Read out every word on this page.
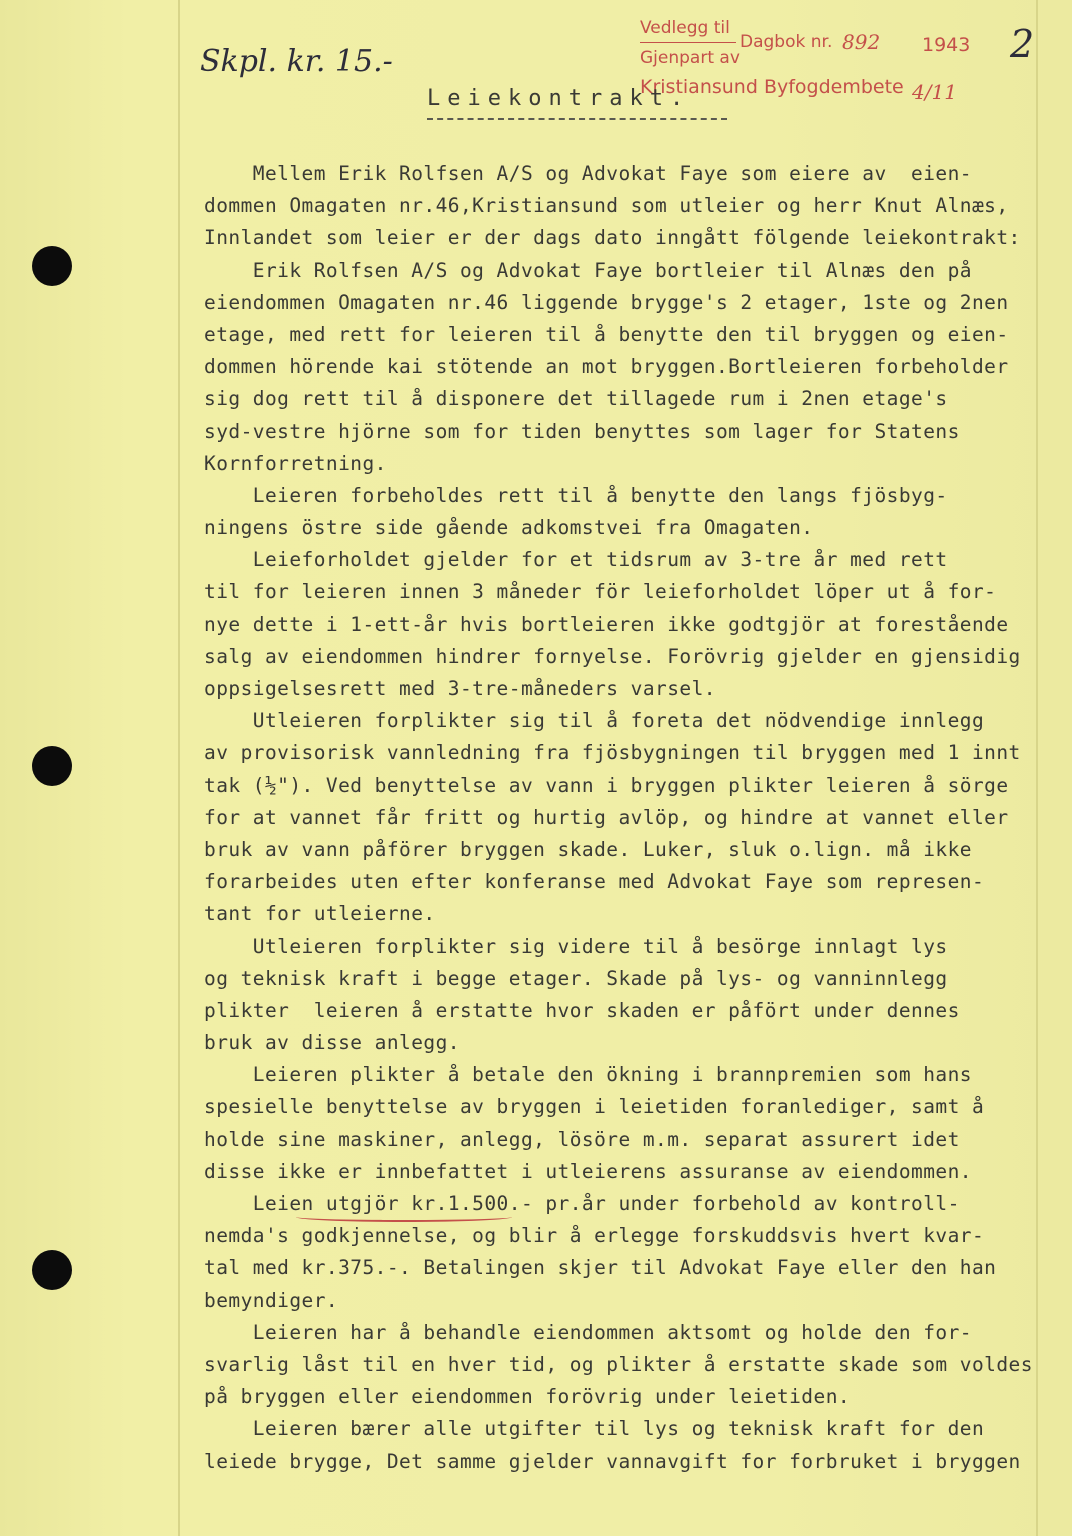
Vedlegg til
Gjenpart av
Dagbok nr. 892 1943
Kristiansund Byfogdembete 4/11
Skpl. kr. 15.-	2
Leiekontrakt.
Mellem Erik Rolfsen A/S og Advokat Faye som eiere av  eien-
dommen Omagaten nr.46,Kristiansund som utleier og herr Knut Alnæs,
Innlandet som leier er der dags dato inngått fölgende leiekontrakt:
Erik Rolfsen A/S og Advokat Faye bortleier til Alnæs den på
eiendommen Omagaten nr.46 liggende brygge's 2 etager, 1ste og 2nen
etage, med rett for leieren til å benytte den til bryggen og eien-
dommen hörende kai stötende an mot bryggen.Bortleieren forbeholder
sig dog rett til å disponere det tillagede rum i 2nen etage's
syd-vestre hjörne som for tiden benyttes som lager for Statens
Kornforretning.
Leieren forbeholdes rett til å benytte den langs fjösbyg-
ningens östre side gående adkomstvei fra Omagaten.
Leieforholdet gjelder for et tidsrum av 3-tre år med rett
til for leieren innen 3 måneder för leieforholdet löper ut å for-
nye dette i 1-ett-år hvis bortleieren ikke godtgjör at forestående
salg av eiendommen hindrer fornyelse. Forövrig gjelder en gjensidig
oppsigelsesrett med 3-tre-måneders varsel.
Utleieren forplikter sig til å foreta det nödvendige innlegg
av provisorisk vannledning fra fjösbygningen til bryggen med 1 innt
tak (½"). Ved benyttelse av vann i bryggen plikter leieren å sörge
for at vannet får fritt og hurtig avlöp, og hindre at vannet eller
bruk av vann påförer bryggen skade. Luker, sluk o.lign. må ikke
forarbeides uten efter konferanse med Advokat Faye som represen-
tant for utleierne.
Utleieren forplikter sig videre til å besörge innlagt lys
og teknisk kraft i begge etager. Skade på lys- og vanninnlegg
plikter  leieren å erstatte hvor skaden er påfört under dennes
bruk av disse anlegg.
Leieren plikter å betale den ökning i brannpremien som hans
spesielle benyttelse av bryggen i leietiden foranlediger, samt å
holde sine maskiner, anlegg, lösöre m.m. separat assurert idet
disse ikke er innbefattet i utleierens assuranse av eiendommen.
Leien utgjör kr.1.500.- pr.år under forbehold av kontroll-
nemda's godkjennelse, og blir å erlegge forskuddsvis hvert kvar-
tal med kr.375.-. Betalingen skjer til Advokat Faye eller den han
bemyndiger.
Leieren har å behandle eiendommen aktsomt og holde den for-
svarlig låst til en hver tid, og plikter å erstatte skade som voldes
på bryggen eller eiendommen forövrig under leietiden.
Leieren bærer alle utgifter til lys og teknisk kraft for den
leiede brygge, Det samme gjelder vannavgift for forbruket i bryggen
